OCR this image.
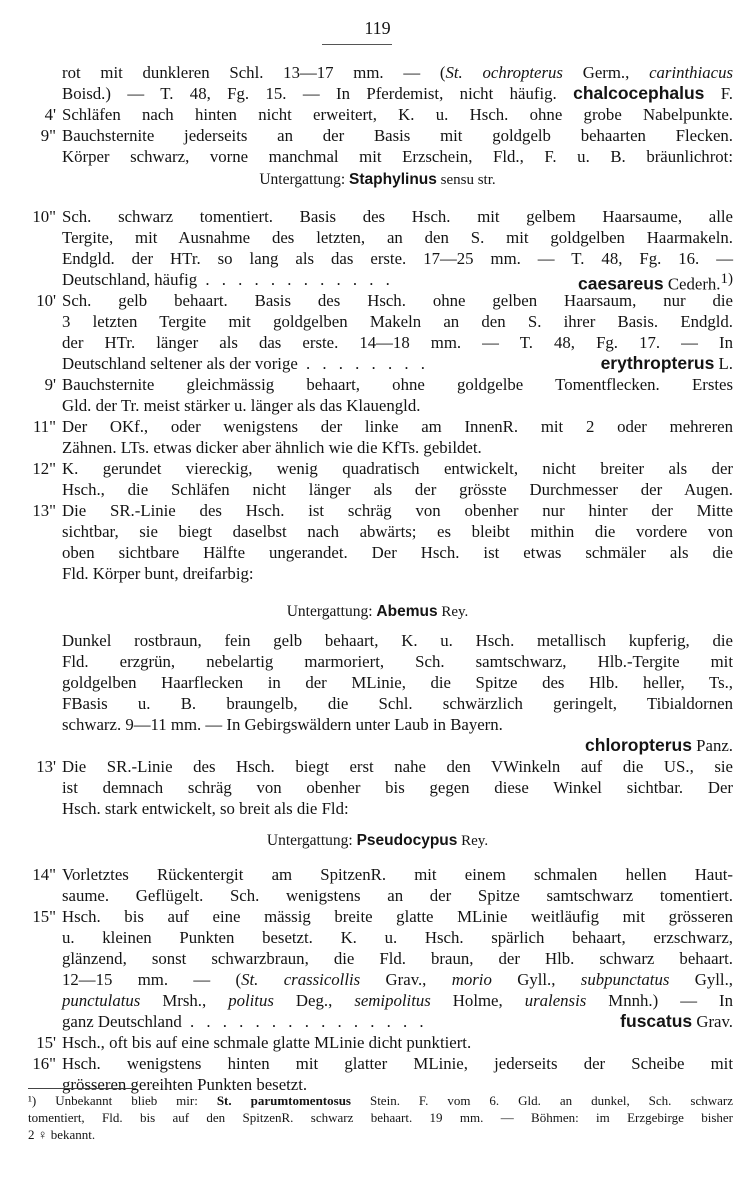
119
rot mit dunkleren Schl. 13—17 mm. — (St. ochropterus Germ., carinthiacus
Boisd.) — T. 48, Fg. 15. — In Pferdemist, nicht häufig. chalcocephalus F.
4' Schläfen nach hinten nicht erweitert, K. u. Hsch. ohne grobe Nabelpunkte.
9" Bauchsternite jederseits an der Basis mit goldgelb behaarten Flecken.
Körper schwarz, vorne manchmal mit Erzschein, Fld., F. u. B. bräunlichrot:
Untergattung: Staphylinus sensu str.
10" Sch. schwarz tomentiert. Basis des Hsch. mit gelbem Haarsaume, alle
Tergite, mit Ausnahme des letzten, an den S. mit goldgelben Haarmakeln.
Endgld. der HTr. so lang als das erste. 17—25 mm. — T. 48, Fg. 16. —
Deutschland, häufig . . . . . . . . . . . .	caesareus Cederh.$^{1)}$
10' Sch. gelb behaart. Basis des Hsch. ohne gelben Haarsaum, nur die
3 letzten Tergite mit goldgelben Makeln an den S. ihrer Basis. Endgld.
der HTr. länger als das erste. 14—18 mm. — T. 48, Fg. 17. — In
Deutschland seltener als der vorige . . . . . . . .	erythropterus L.
9' Bauchsternite gleichmässig behaart, ohne goldgelbe Tomentflecken. Erstes
Gld. der Tr. meist stärker u. länger als das Klauengld.
11" Der OKf., oder wenigstens der linke am InnenR. mit 2 oder mehreren
Zähnen. LTs. etwas dicker aber ähnlich wie die KfTs. gebildet.
12" K. gerundet viereckig, wenig quadratisch entwickelt, nicht breiter als der
Hsch., die Schläfen nicht länger als der grösste Durchmesser der Augen.
13" Die SR.-Linie des Hsch. ist schräg von obenher nur hinter der Mitte
sichtbar, sie biegt daselbst nach abwärts; es bleibt mithin die vordere von
oben sichtbare Hälfte ungerandet. Der Hsch. ist etwas schmäler als die
Fld. Körper bunt, dreifarbig:
Untergattung: Abemus Rey.
Dunkel rostbraun, fein gelb behaart, K. u. Hsch. metallisch kupferig, die
Fld. erzgrün, nebelartig marmoriert, Sch. samtschwarz, Hlb.-Tergite mit
goldgelben Haarflecken in der MLinie, die Spitze des Hlb. heller, Ts.,
FBasis u. B. braungelb, die Schl. schwärzlich geringelt, Tibialdornen
schwarz. 9—11 mm. — In Gebirgswäldern unter Laub in Bayern.
chloropterus Panz.
13' Die SR.-Linie des Hsch. biegt erst nahe den VWinkeln auf die US., sie
ist demnach schräg von obenher bis gegen diese Winkel sichtbar. Der
Hsch. stark entwickelt, so breit als die Fld:
Untergattung: Pseudocypus Rey.
14" Vorletztes Rückentergit am SpitzenR. mit einem schmalen hellen Haut-
saume. Geflügelt. Sch. wenigstens an der Spitze samtschwarz tomentiert.
15" Hsch. bis auf eine mässig breite glatte MLinie weitläufig mit grösseren
u. kleinen Punkten besetzt. K. u. Hsch. spärlich behaart, erzschwarz,
glänzend, sonst schwarzbraun, die Fld. braun, der Hlb. schwarz behaart.
12—15 mm. — (St. crassicollis Grav., morio Gyll., subpunctatus Gyll.,
punctulatus Mrsh., politus Deg., semipolitus Holme, uralensis Mnnh.) — In
ganz Deutschland . . . . . . . . . . . . . . .	fuscatus Grav.
15' Hsch., oft bis auf eine schmale glatte MLinie dicht punktiert.
16" Hsch. wenigstens hinten mit glatter MLinie, jederseits der Scheibe mit
grösseren gereihten Punkten besetzt.
¹) Unbekannt blieb mir: St. parumtomentosus Stein. F. vom 6. Gld. an dunkel, Sch. schwarz
tomentiert, Fld. bis auf den SpitzenR. schwarz behaart. 19 mm. — Böhmen: im Erzgebirge bisher
2 ♀ bekannt.
